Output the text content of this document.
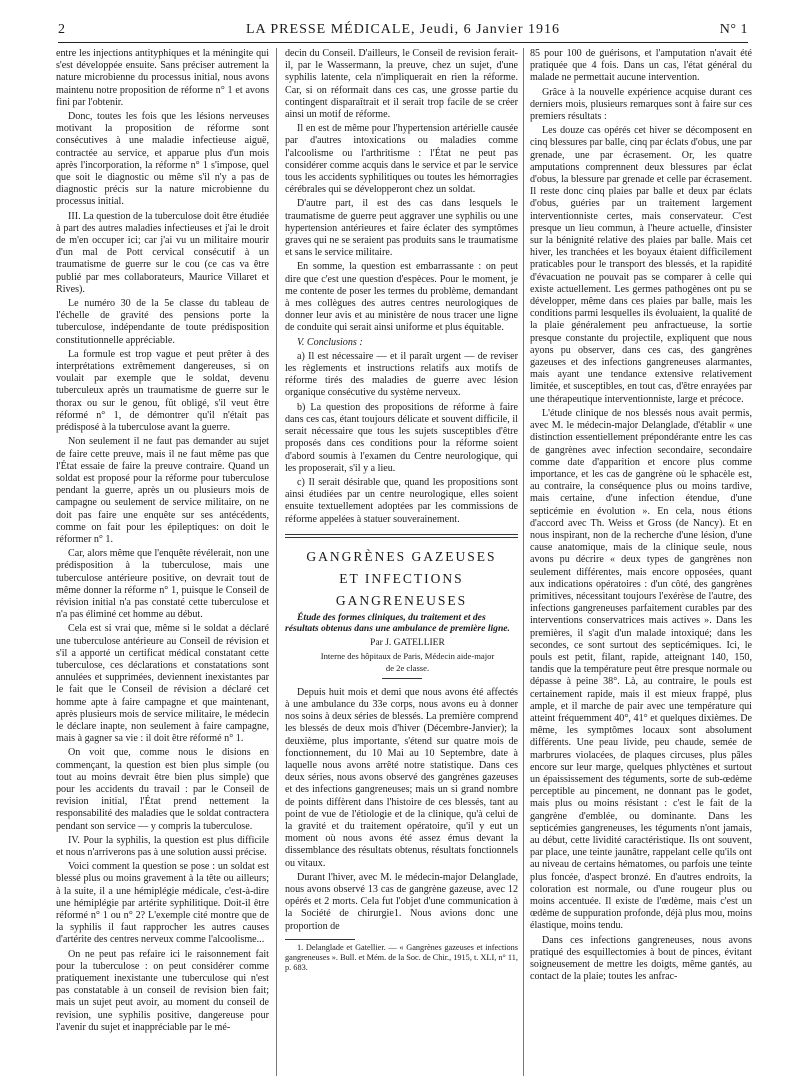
2	LA PRESSE MÉDICALE, Jeudi, 6 Janvier 1916	N° 1

entre les injections antityphiques et la méningite qui s'est développée ensuite. Sans préciser autrement la nature microbienne du processus initial, nous avons maintenu notre proposition de réforme n° 1 et avons fini par l'obtenir.

Donc, toutes les fois que les lésions nerveuses motivant la proposition de réforme sont consécutives à une maladie infectieuse aiguë, contractée au service, et apparue plus d'un mois après l'incorporation, la réforme n° 1 s'impose, quel que soit le diagnostic ou même s'il n'y a pas de diagnostic précis sur la nature microbienne du processus initial.

III. La question de la tuberculose doit être étudiée à part des autres maladies infectieuses et j'ai le droit de m'en occuper ici; car j'ai vu un militaire mourir d'un mal de Pott cervical consécutif à un traumatisme de guerre sur le cou (ce cas va être publié par mes collaborateurs, Maurice Villaret et Rives).

Le numéro 30 de la 5e classe du tableau de l'échelle de gravité des pensions porte la tuberculose, indépendante de toute prédisposition constitutionnelle appréciable.

La formule est trop vague et peut prêter à des interprétations extrêmement dangereuses, si on voulait par exemple que le soldat, devenu tuberculeux après un traumatisme de guerre sur le thorax ou sur le genou, fût obligé, s'il veut être réformé n° 1, de démontrer qu'il n'était pas prédisposé à la tuberculose avant la guerre.

Non seulement il ne faut pas demander au sujet de faire cette preuve, mais il ne faut même pas que l'État essaie de faire la preuve contraire. Quand un soldat est proposé pour la réforme pour tuberculose pendant la guerre, après un ou plusieurs mois de campagne ou seulement de service militaire, on ne doit pas faire une enquête sur ses antécédents, comme on fait pour les épileptiques: on doit le réformer n° 1.

Car, alors même que l'enquête révélerait, non une prédisposition à la tuberculose, mais une tuberculose antérieure positive, on devrait tout de même donner la réforme n° 1, puisque le Conseil de révision initial n'a pas constaté cette tuberculose et n'a pas éliminé cet homme au début.

Cela est si vrai que, même si le soldat a déclaré une tuberculose antérieure au Conseil de révision et s'il a apporté un certificat médical constatant cette tuberculose, ces déclarations et constatations sont annulées et supprimées, deviennent inexistantes par le fait que le Conseil de révision a déclaré cet homme apte à faire campagne et que maintenant, après plusieurs mois de service militaire, le médecin le déclare inapte, non seulement à faire campagne, mais à gagner sa vie : il doit être réformé n° 1.

On voit que, comme nous le disions en commençant, la question est bien plus simple (ou tout au moins devrait être bien plus simple) que pour les accidents du travail : par le Conseil de revision initial, l'État prend nettement la responsabilité des maladies que le soldat contractera pendant son service — y compris la tuberculose.

IV. Pour la syphilis, la question est plus difficile et nous n'arriverons pas à une solution aussi précise.

Voici comment la question se pose : un soldat est blessé plus ou moins gravement à la tête ou ailleurs; à la suite, il a une hémiplégie médicale, c'est-à-dire une hémiplégie par artérite syphilitique. Doit-il être réformé n° 1 ou n° 2? L'exemple cité montre que de la syphilis il faut rapprocher les autres causes d'artérite des centres nerveux comme l'alcoolisme...

On ne peut pas refaire ici le raisonnement fait pour la tuberculose : on peut considérer comme pratiquement inexistante une tuberculose qui n'est pas constatable à un conseil de revision bien fait; mais un sujet peut avoir, au moment du conseil de revision, une syphilis positive, dangereuse pour l'avenir du sujet et inappréciable par le mé-

decin du Conseil. D'ailleurs, le Conseil de revision ferait-il, par le Wassermann, la preuve, chez un sujet, d'une syphilis latente, cela n'impliquerait en rien la réforme. Car, si on réformait dans ces cas, une grosse partie du contingent disparaîtrait et il serait trop facile de se créer ainsi un motif de réforme.

Il en est de même pour l'hypertension artérielle causée par d'autres intoxications ou maladies comme l'alcoolisme ou l'arthritisme : l'État ne peut pas considérer comme acquis dans le service et par le service tous les accidents syphilitiques ou toutes les hémorragies cérébrales qui se développeront chez un soldat.

D'autre part, il est des cas dans lesquels le traumatisme de guerre peut aggraver une syphilis ou une hypertension antérieures et faire éclater des symptômes graves qui ne se seraient pas produits sans le traumatisme et sans le service militaire.

En somme, la question est embarrassante : on peut dire que c'est une question d'espèces. Pour le moment, je me contente de poser les termes du problème, demandant à mes collègues des autres centres neurologiques de donner leur avis et au ministère de nous tracer une ligne de conduite qui serait ainsi uniforme et plus équitable.

V. Conclusions :

a) Il est nécessaire — et il paraît urgent — de reviser les règlements et instructions relatifs aux motifs de réforme tirés des maladies de guerre avec lésion organique consécutive du système nerveux.

b) La question des propositions de réforme à faire dans ces cas, étant toujours délicate et souvent difficile, il serait nécessaire que tous les sujets susceptibles d'être proposés dans ces conditions pour la réforme soient d'abord soumis à l'examen du Centre neurologique, qui les proposerait, s'il y a lieu.

c) Il serait désirable que, quand les propositions sont ainsi étudiées par un centre neurologique, elles soient ensuite textuellement adoptées par les commissions de réforme appelées à statuer souverainement.

GANGRÈNES GAZEUSES
ET INFECTIONS GANGRENEUSES

Étude des formes cliniques, du traitement et des résultats obtenus dans une ambulance de première ligne.

Par J. GATELLIER

Interne des hôpitaux de Paris, Médecin aide-major

de 2e classe.

Depuis huit mois et demi que nous avons été affectés à une ambulance du 33e corps, nous avons eu à donner nos soins à deux séries de blessés. La première comprend les blessés de deux mois d'hiver (Décembre-Janvier); la deuxième, plus importante, s'étend sur quatre mois de fonctionnement, du 10 Mai au 10 Septembre, date à laquelle nous avons arrêté notre statistique. Dans ces deux séries, nous avons observé des gangrènes gazeuses et des infections gangreneuses; mais un si grand nombre de points diffèrent dans l'histoire de ces blessés, tant au point de vue de l'étiologie et de la clinique, qu'à celui de la gravité et du traitement opératoire, qu'il y eut un moment où nous avons été assez émus devant la dissemblance des résultats obtenus, résultats fonctionnels ou vitaux.

Durant l'hiver, avec M. le médecin-major Delanglade, nous avons observé 13 cas de gangrène gazeuse, avec 12 opérés et 2 morts. Cela fut l'objet d'une communication à la Société de chirurgie1. Nous avions donc une proportion de

1. Delanglade et Gatellier. — « Gangrènes gazeuses et infections gangreneuses ». Bull. et Mém. de la Soc. de Chir., 1915, t. XLI, n° 11, p. 683.

85 pour 100 de guérisons, et l'amputation n'avait été pratiquée que 4 fois. Dans un cas, l'état général du malade ne permettait aucune intervention.

Grâce à la nouvelle expérience acquise durant ces derniers mois, plusieurs remarques sont à faire sur ces premiers résultats :

Les douze cas opérés cet hiver se décomposent en cinq blessures par balle, cinq par éclats d'obus, une par grenade, une par écrasement. Or, les quatre amputations comprennent deux blessures par éclat d'obus, la blessure par grenade et celle par écrasement. Il reste donc cinq plaies par balle et deux par éclats d'obus, guéries par un traitement largement interventionniste certes, mais conservateur. C'est presque un lieu commun, à l'heure actuelle, d'insister sur la bénignité relative des plaies par balle. Mais cet hiver, les tranchées et les boyaux étaient difficilement praticables pour le transport des blessés, et la rapidité d'évacuation ne pouvait pas se comparer à celle qui existe actuellement. Les germes pathogènes ont pu se développer, même dans ces plaies par balle, mais les conditions parmi lesquelles ils évoluaient, la qualité de la plaie généralement peu anfractueuse, la sortie presque constante du projectile, expliquent que nous ayons pu observer, dans ces cas, des gangrènes gazeuses et des infections gangreneuses alarmantes, mais ayant une tendance extensive relativement limitée, et susceptibles, en tout cas, d'être enrayées par une thérapeutique interventionniste, large et précoce.

L'étude clinique de nos blessés nous avait permis, avec M. le médecin-major Delanglade, d'établir « une distinction essentiellement prépondérante entre les cas de gangrènes avec infection secondaire, secondaire comme date d'apparition et encore plus comme importance, et les cas de gangrène où le sphacèle est, au contraire, la conséquence plus ou moins tardive, mais certaine, d'une infection étendue, d'une septicémie en évolution ». En cela, nous étions d'accord avec Th. Weiss et Gross (de Nancy). Et en nous inspirant, non de la recherche d'une lésion, d'une cause anatomique, mais de la clinique seule, nous avons pu décrire « deux types de gangrènes non seulement différentes, mais encore opposées, quant aux indications opératoires : d'un côté, des gangrènes primitives, nécessitant toujours l'exérèse de l'autre, des infections gangreneuses parfaitement curables par des interventions conservatrices mais actives ». Dans les premières, il s'agit d'un malade intoxiqué; dans les secondes, ce sont surtout des septicémiques. Ici, le pouls est petit, filant, rapide, atteignant 140, 150, tandis que la température peut être presque normale ou dépasse à peine 38°. Là, au contraire, le pouls est certainement rapide, mais il est mieux frappé, plus ample, et il marche de pair avec une température qui atteint fréquemment 40°, 41° et quelques dixièmes. De même, les symptômes locaux sont absolument différents. Une peau livide, peu chaude, semée de marbrures violacées, de plaques circuses, plus pâles encore sur leur marge, quelques phlyctènes et surtout un épaississement des téguments, sorte de sub-œdème perceptible au pincement, ne donnant pas le godet, mais plus ou moins résistant : c'est le fait de la gangrène d'emblée, ou dominante. Dans les septicémies gangreneuses, les téguments n'ont jamais, au début, cette lividité caractéristique. Ils ont souvent, par place, une teinte jaunâtre, rappelant celle qu'ils ont au niveau de certains hématomes, ou parfois une teinte plus foncée, d'aspect bronzé. En d'autres endroits, la coloration est normale, ou d'une rougeur plus ou moins accentuée. Il existe de l'œdème, mais c'est un œdème de suppuration profonde, déjà plus mou, moins élastique, moins tendu.

Dans ces infections gangreneuses, nous avons pratiqué des esquillectomies à bout de pinces, évitant soigneusement de mettre les doigts, même gantés, au contact de la plaie; toutes les anfrac-
